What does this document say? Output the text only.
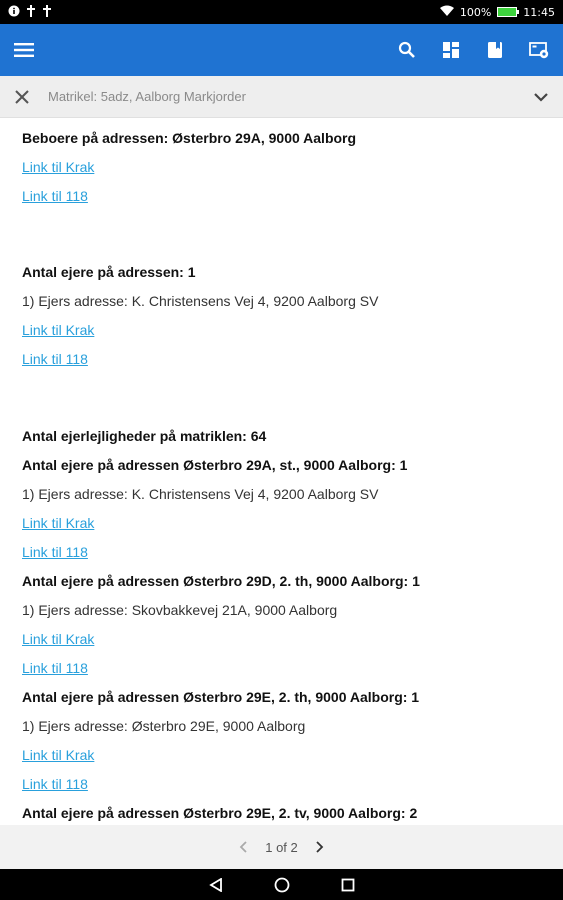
100%	11:45
Matrikel: 5adz, Aalborg Markjorder
Beboere på adressen: Østerbro 29A, 9000 Aalborg
Link til Krak
Link til 118
Antal ejere på adressen: 1
1) Ejers adresse: K. Christensens Vej 4, 9200 Aalborg SV
Link til Krak
Link til 118
Antal ejerlejligheder på matriklen: 64
Antal ejere på adressen Østerbro 29A, st., 9000 Aalborg: 1
1) Ejers adresse: K. Christensens Vej 4, 9200 Aalborg SV
Link til Krak
Link til 118
Antal ejere på adressen Østerbro 29D, 2. th, 9000 Aalborg: 1
1) Ejers adresse: Skovbakkevej 21A, 9000 Aalborg
Link til Krak
Link til 118
Antal ejere på adressen Østerbro 29E, 2. th, 9000 Aalborg: 1
1) Ejers adresse: Østerbro 29E, 9000 Aalborg
Link til Krak
Link til 118
Antal ejere på adressen Østerbro 29E, 2. tv, 9000 Aalborg: 2
1 of 2
